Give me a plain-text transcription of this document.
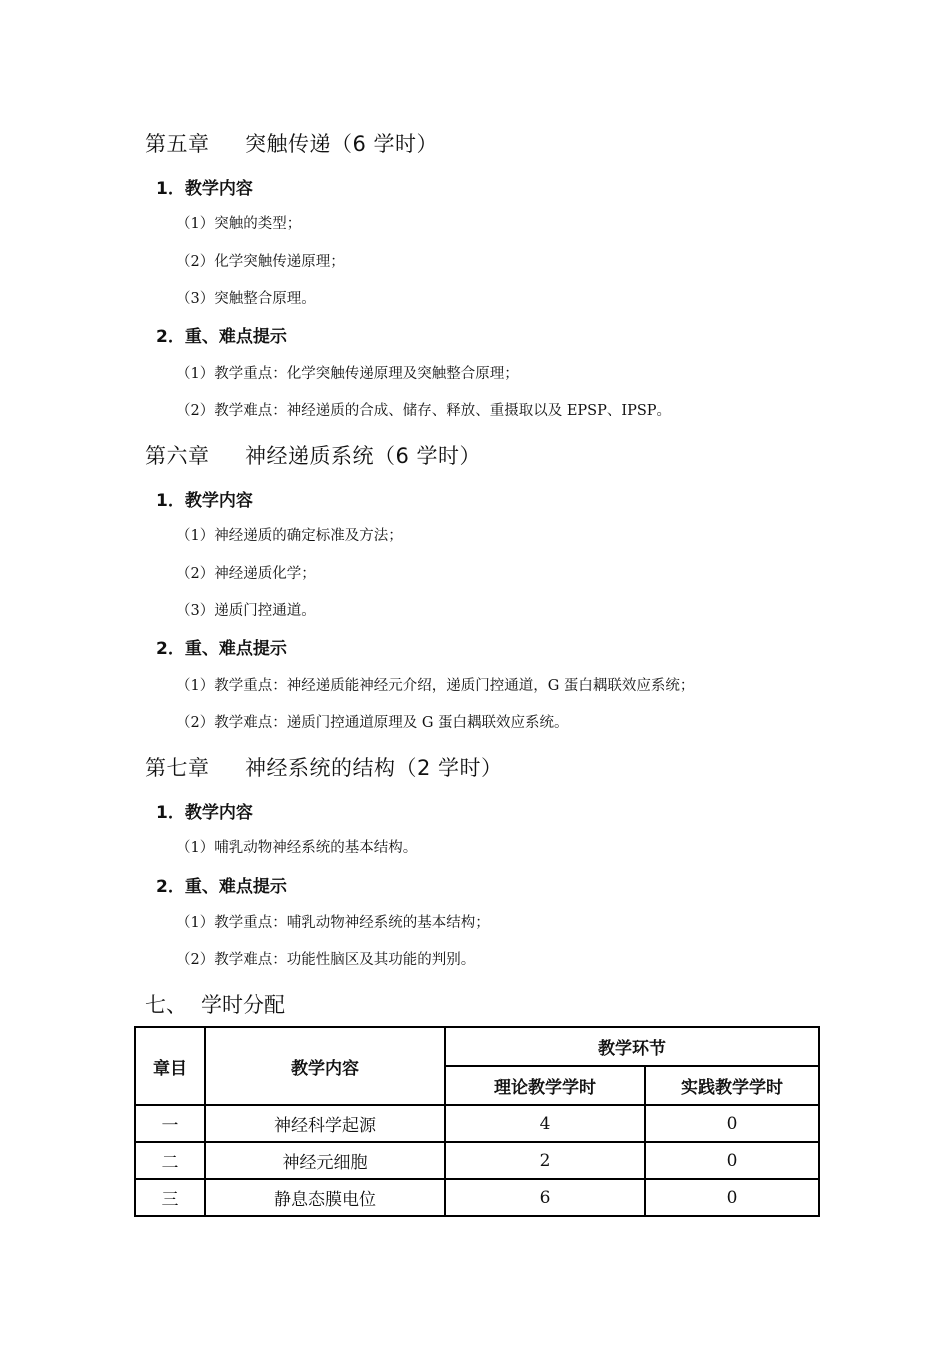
第五章 突触传递（6 学时）
1．教学内容
（1）突触的类型；
（2）化学突触传递原理；
（3）突触整合原理。
2．重、难点提示
（1）教学重点：化学突触传递原理及突触整合原理；
（2）教学难点：神经递质的合成、储存、释放、重摄取以及 EPSP、IPSP。
第六章 神经递质系统（6 学时）
1．教学内容
（1）神经递质的确定标准及方法；
（2）神经递质化学；
（3）递质门控通道。
2．重、难点提示
（1）教学重点：神经递质能神经元介绍，递质门控通道，G 蛋白耦联效应系统；
（2）教学难点：递质门控通道原理及 G 蛋白耦联效应系统。
第七章 神经系统的结构（2 学时）
1．教学内容
（1）哺乳动物神经系统的基本结构。
2．重、难点提示
（1）教学重点：哺乳动物神经系统的基本结构；
（2）教学难点：功能性脑区及其功能的判别。
七、 学时分配
章目	教学内容	教学环节	
		理论教学学时	实践教学学时
一	神经科学起源	4	0
二	神经元细胞	2	0
三	静息态膜电位	6	0
